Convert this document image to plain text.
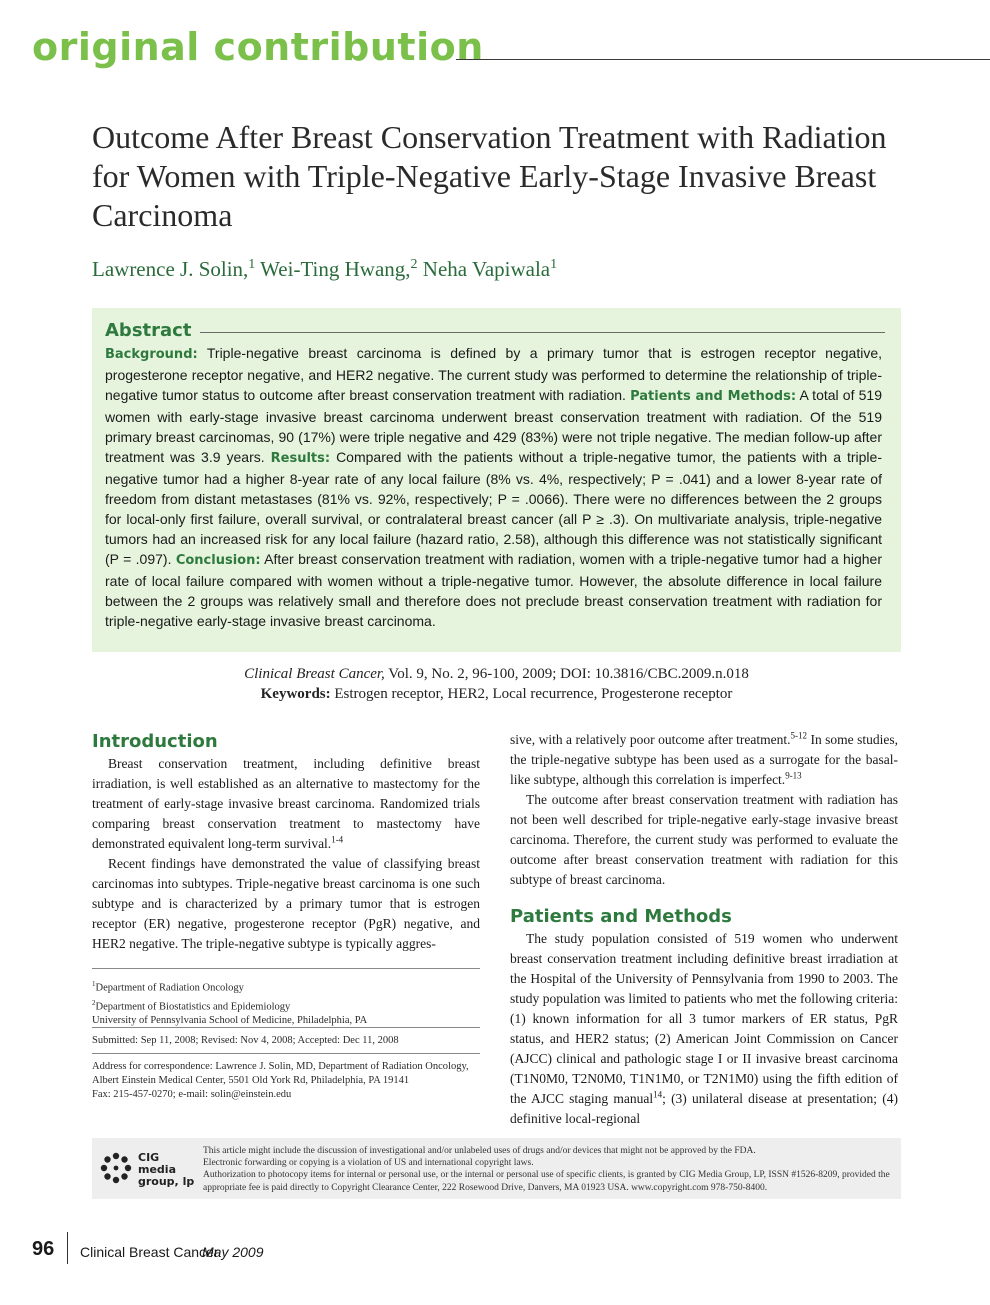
original contribution
Outcome After Breast Conservation Treatment with Radiation for Women with Triple-Negative Early-Stage Invasive Breast Carcinoma
Lawrence J. Solin,$^1$ Wei-Ting Hwang,$^2$ Neha Vapiwala$^1$
Abstract
Background: Triple-negative breast carcinoma is defined by a primary tumor that is estrogen receptor negative, progesterone receptor negative, and HER2 negative. The current study was performed to determine the relationship of triple-negative tumor status to outcome after breast conservation treatment with radiation. Patients and Methods: A total of 519 women with early-stage invasive breast carcinoma underwent breast conservation treatment with radiation. Of the 519 primary breast carcinomas, 90 (17%) were triple negative and 429 (83%) were not triple negative. The median follow-up after treatment was 3.9 years. Results: Compared with the patients without a triple-negative tumor, the patients with a triple-negative tumor had a higher 8-year rate of any local failure (8% vs. 4%, respectively; P = .041) and a lower 8-year rate of freedom from distant metastases (81% vs. 92%, respectively; P = .0066). There were no differences between the 2 groups for local-only first failure, overall survival, or contralateral breast cancer (all P ≥ .3). On multivariate analysis, triple-negative tumors had an increased risk for any local failure (hazard ratio, 2.58), although this difference was not statistically significant (P = .097). Conclusion: After breast conservation treatment with radiation, women with a triple-negative tumor had a higher rate of local failure compared with women without a triple-negative tumor. However, the absolute difference in local failure between the 2 groups was relatively small and therefore does not preclude breast conservation treatment with radiation for triple-negative early-stage invasive breast carcinoma.
Clinical Breast Cancer, Vol. 9, No. 2, 96-100, 2009; DOI: 10.3816/CBC.2009.n.018
Keywords: Estrogen receptor, HER2, Local recurrence, Progesterone receptor
Introduction

Breast conservation treatment, including definitive breast irradiation, is well established as an alternative to mastectomy for the treatment of early-stage invasive breast carcinoma. Randomized trials comparing breast conservation treatment to mastectomy have demonstrated equivalent long-term survival.$^{1-4}$

Recent findings have demonstrated the value of classifying breast carcinomas into subtypes. Triple-negative breast carcinoma is one such subtype and is characterized by a primary tumor that is estrogen receptor (ER) negative, progesterone receptor (PgR) negative, and HER2 negative. The triple-negative subtype is typically aggres-

$^1$Department of Radiation Oncology
$^2$Department of Biostatistics and Epidemiology
University of Pennsylvania School of Medicine, Philadelphia, PA
Submitted: Sep 11, 2008; Revised: Nov 4, 2008; Accepted: Dec 11, 2008
Address for correspondence: Lawrence J. Solin, MD, Department of Radiation Oncology, Albert Einstein Medical Center, 5501 Old York Rd, Philadelphia, PA 19141
Fax: 215-457-0270; e-mail: solin@einstein.edu

sive, with a relatively poor outcome after treatment.$^{5-12}$ In some studies, the triple-negative subtype has been used as a surrogate for the basal-like subtype, although this correlation is imperfect.$^{9-13}$

The outcome after breast conservation treatment with radiation has not been well described for triple-negative early-stage invasive breast carcinoma. Therefore, the current study was performed to evaluate the outcome after breast conservation treatment with radiation for this subtype of breast carcinoma.

Patients and Methods

The study population consisted of 519 women who underwent breast conservation treatment including definitive breast irradiation at the Hospital of the University of Pennsylvania from 1990 to 2003. The study population was limited to patients who met the following criteria: (1) known information for all 3 tumor markers of ER status, PgR status, and HER2 status; (2) American Joint Commission on Cancer (AJCC) clinical and pathologic stage I or II invasive breast carcinoma (T1N0M0, T2N0M0, T1N1M0, or T2N1M0) using the fifth edition of the AJCC staging manual$^{14}$; (3) unilateral disease at presentation; (4) definitive local-regional

CIG
media
group, lp
This article might include the discussion of investigational and/or unlabeled uses of drugs and/or devices that might not be approved by the FDA.
Electronic forwarding or copying is a violation of US and international copyright laws.
Authorization to photocopy items for internal or personal use, or the internal or personal use of specific clients, is granted by CIG Media Group, LP, ISSN #1526-8209, provided the appropriate fee is paid directly to Copyright Clearance Center, 222 Rosewood Drive, Danvers, MA 01923 USA. www.copyright.com 978-750-8400.
96 Clinical Breast Cancer
May 2009
